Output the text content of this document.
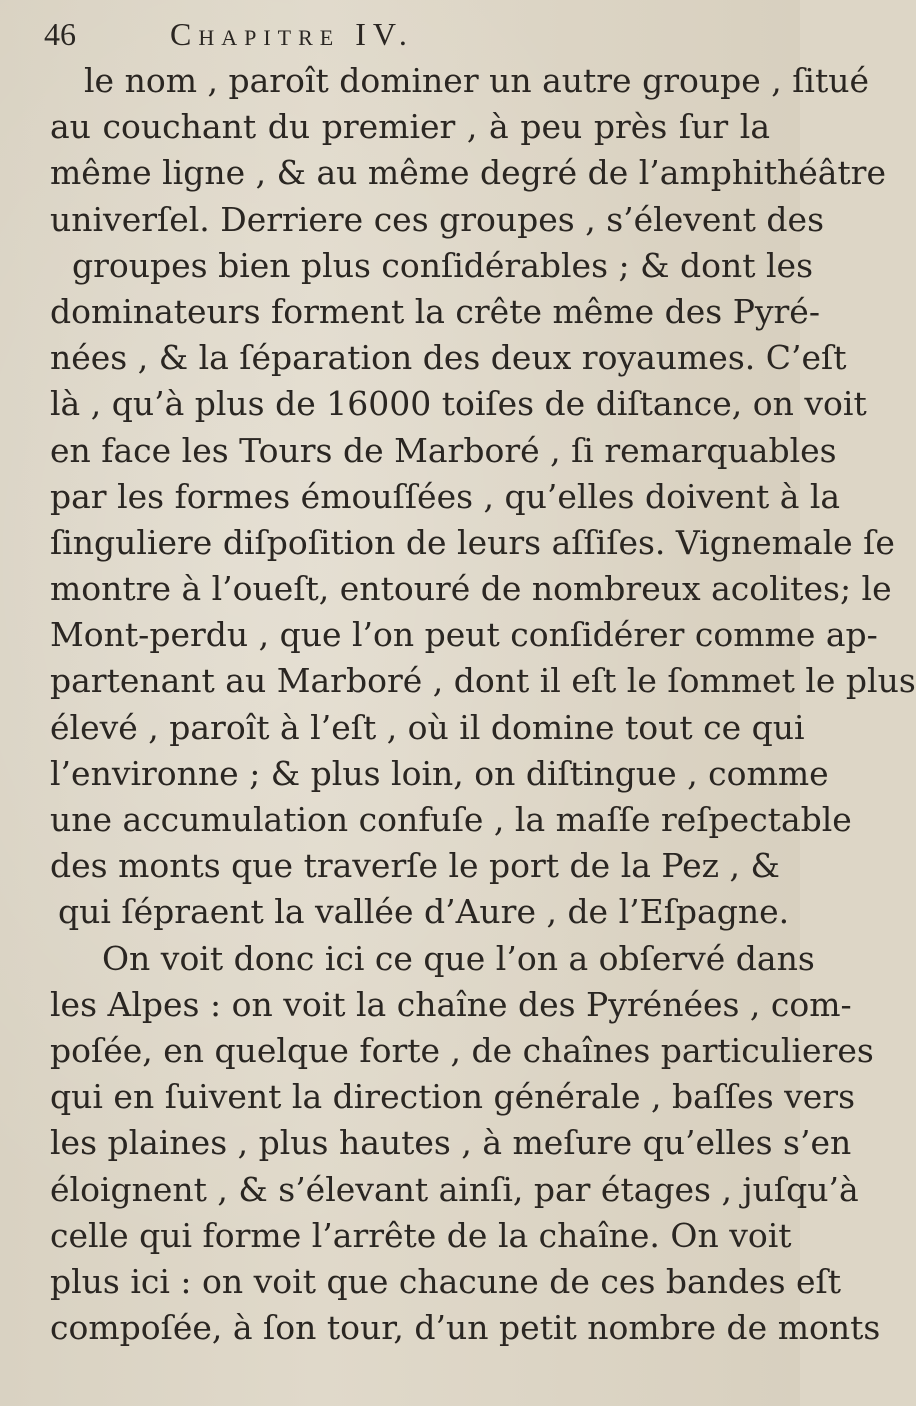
46	Chapitre IV.
le nom , paroît dominer un autre groupe , ſitué
au couchant du premier , à peu près ſur la
même ligne , & au même degré de l’amphithéâtre
univerſel. Derriere ces groupes , s’élevent des
groupes bien plus conſidérables ; & dont les
dominateurs forment la crête même des Pyré-
nées , & la ſéparation des deux royaumes. C’eſt
là , qu’à plus de 16000 toiſes de diſtance, on voit
en face les Tours de Marboré , ſi remarquables
par les formes émouſſées , qu’elles doivent à la
ſinguliere diſpoſition de leurs aſſiſes. Vignemale ſe
montre à l’oueſt, entouré de nombreux acolites; le
Mont-perdu , que l’on peut conſidérer comme ap-
partenant au Marboré , dont il eſt le ſommet le plus
élevé , paroît à l’eſt , où il domine tout ce qui
l’environne ; & plus loin, on diſtingue , comme
une accumulation confuſe , la maſſe reſpectable
des monts que traverſe le port de la Pez , &
qui ſépraent la vallée d’Aure , de l’Eſpagne.
On voit donc ici ce que l’on a obſervé dans
les Alpes : on voit la chaîne des Pyrénées , com-
poſée, en quelque forte , de chaînes particulieres
qui en ſuivent la direction générale , baſſes vers
les plaines , plus hautes , à meſure qu’elles s’en
éloignent , & s’élevant ainſi, par étages , juſqu’à
celle qui forme l’arrête de la chaîne. On voit
plus ici : on voit que chacune de ces bandes eſt
compoſée, à ſon tour, d’un petit nombre de monts
